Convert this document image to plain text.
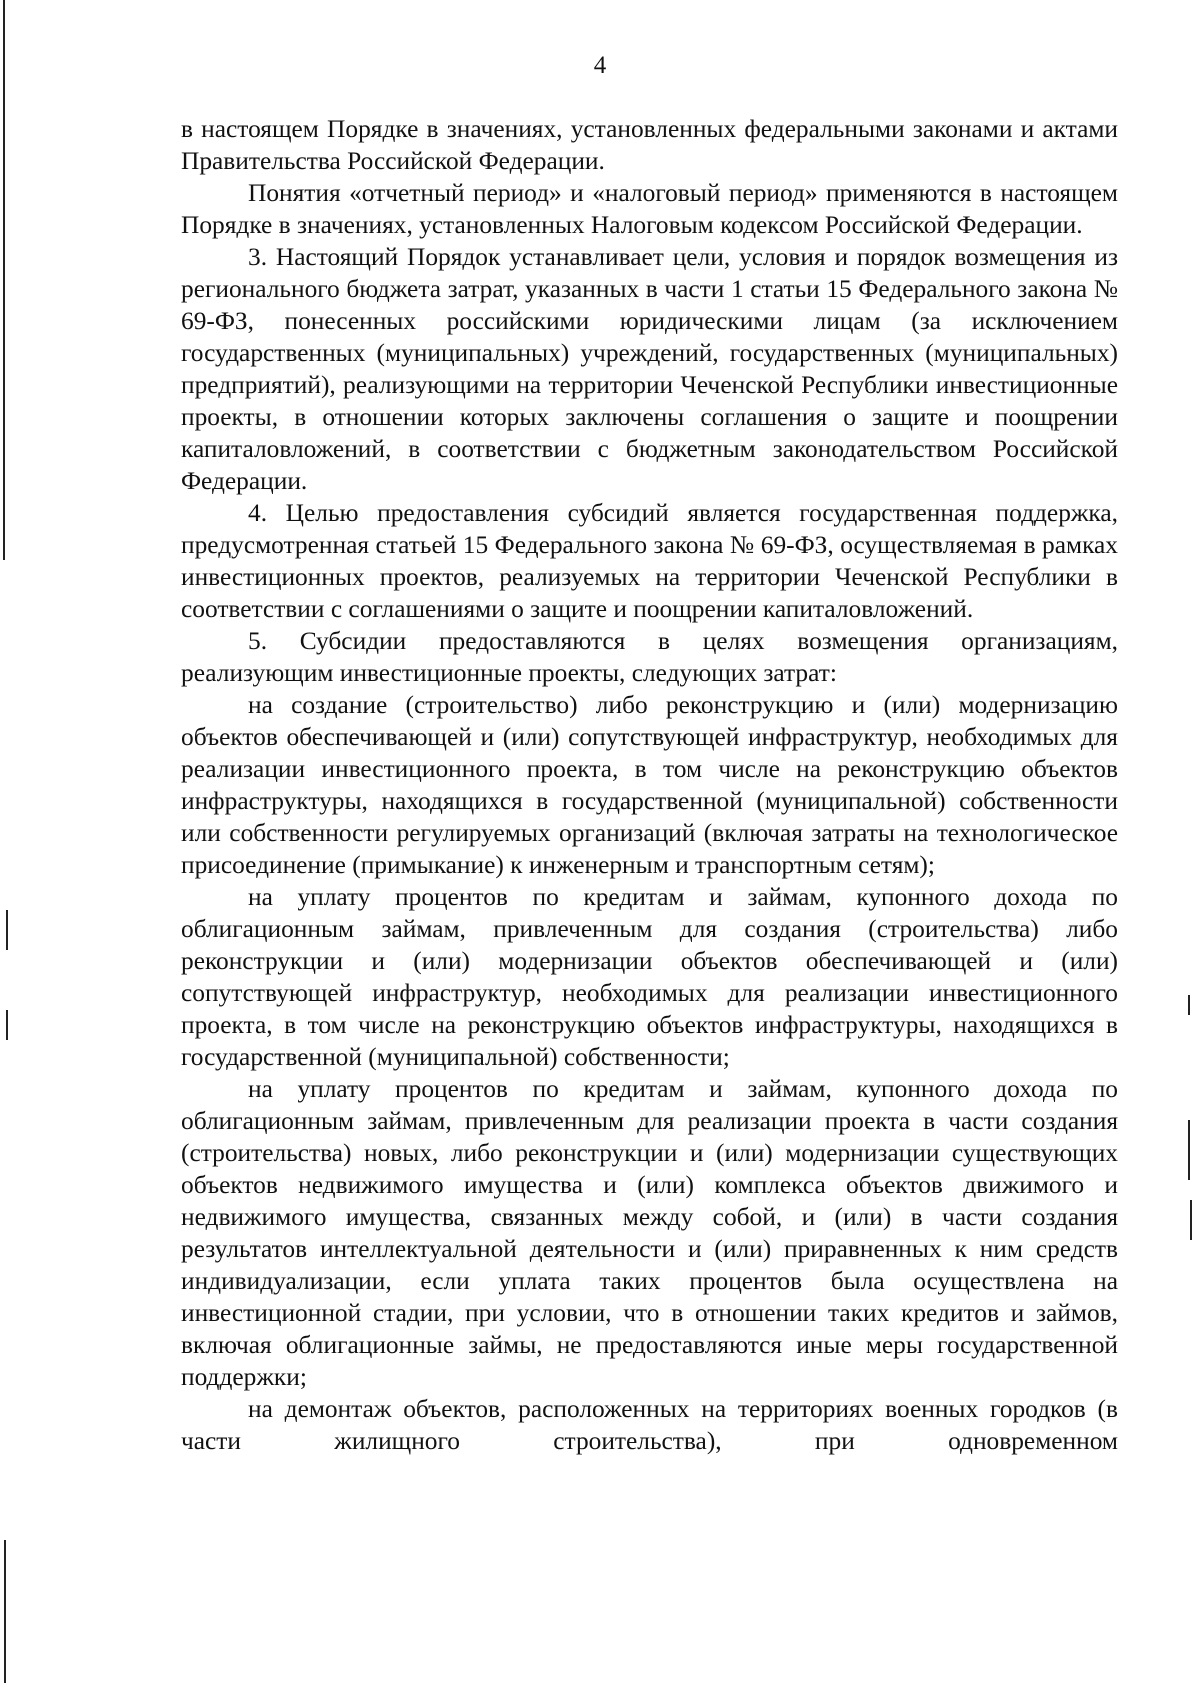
4

в настоящем Порядке в значениях, установленных федеральными законами и актами Правительства Российской Федерации.

Понятия «отчетный период» и «налоговый период» применяются в настоящем Порядке в значениях, установленных Налоговым кодексом Российской Федерации.

3. Настоящий Порядок устанавливает цели, условия и порядок возмещения из регионального бюджета затрат, указанных в части 1 статьи 15 Федерального закона № 69-ФЗ, понесенных российскими юридическими лицам (за исключением государственных (муниципальных) учреждений, государственных (муниципальных) предприятий), реализующими на территории Чеченской Республики инвестиционные проекты, в отношении которых заключены соглашения о защите и поощрении капиталовложений, в соответствии с бюджетным законодательством Российской Федерации.

4. Целью предоставления субсидий является государственная поддержка, предусмотренная статьей 15 Федерального закона № 69-ФЗ, осуществляемая в рамках инвестиционных проектов, реализуемых на территории Чеченской Республики в соответствии с соглашениями о защите и поощрении капиталовложений.

5. Субсидии предоставляются в целях возмещения организациям, реализующим инвестиционные проекты, следующих затрат:

на создание (строительство) либо реконструкцию и (или) модернизацию объектов обеспечивающей и (или) сопутствующей инфраструктур, необходимых для реализации инвестиционного проекта, в том числе на реконструкцию объектов инфраструктуры, находящихся в государственной (муниципальной) собственности или собственности регулируемых организаций (включая затраты на технологическое присоединение (примыкание) к инженерным и транспортным сетям);

на уплату процентов по кредитам и займам, купонного дохода по облигационным займам, привлеченным для создания (строительства) либо реконструкции и (или) модернизации объектов обеспечивающей и (или) сопутствующей инфраструктур, необходимых для реализации инвестиционного проекта, в том числе на реконструкцию объектов инфраструктуры, находящихся в государственной (муниципальной) собственности;

на уплату процентов по кредитам и займам, купонного дохода по облигационным займам, привлеченным для реализации проекта в части создания (строительства) новых, либо реконструкции и (или) модернизации существующих объектов недвижимого имущества и (или) комплекса объектов движимого и недвижимого имущества, связанных между собой, и (или) в части создания результатов интеллектуальной деятельности и (или) приравненных к ним средств индивидуализации, если уплата таких процентов была осуществлена на инвестиционной стадии, при условии, что в отношении таких кредитов и займов, включая облигационные займы, не предоставляются иные меры государственной поддержки;

на демонтаж объектов, расположенных на территориях военных городков (в части жилищного строительства), при одновременном
